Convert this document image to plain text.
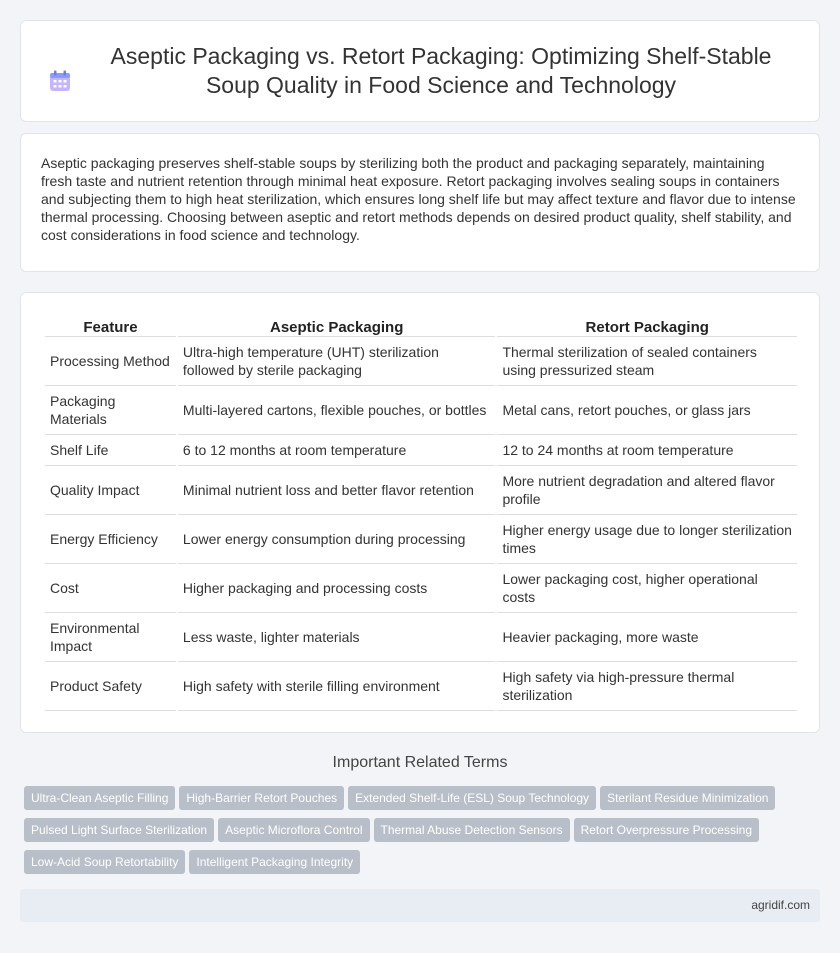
Aseptic Packaging vs. Retort Packaging: Optimizing Shelf-Stable Soup Quality in Food Science and Technology

Aseptic packaging preserves shelf-stable soups by sterilizing both the product and packaging separately, maintaining fresh taste and nutrient retention through minimal heat exposure. Retort packaging involves sealing soups in containers and subjecting them to high heat sterilization, which ensures long shelf life but may affect texture and flavor due to intense thermal processing. Choosing between aseptic and retort methods depends on desired product quality, shelf stability, and cost considerations in food science and technology.

Feature	Aseptic Packaging	Retort Packaging
Processing Method	Ultra-high temperature (UHT) sterilization followed by sterile packaging	Thermal sterilization of sealed containers using pressurized steam
Packaging Materials	Multi-layered cartons, flexible pouches, or bottles	Metal cans, retort pouches, or glass jars
Shelf Life	6 to 12 months at room temperature	12 to 24 months at room temperature
Quality Impact	Minimal nutrient loss and better flavor retention	More nutrient degradation and altered flavor profile
Energy Efficiency	Lower energy consumption during processing	Higher energy usage due to longer sterilization times
Cost	Higher packaging and processing costs	Lower packaging cost, higher operational costs
Environmental Impact	Less waste, lighter materials	Heavier packaging, more waste
Product Safety	High safety with sterile filling environment	High safety via high-pressure thermal sterilization
Important Related Terms
Ultra-Clean Aseptic Filling High-Barrier Retort Pouches Extended Shelf-Life (ESL) Soup Technology Sterilant Residue Minimization
Pulsed Light Surface Sterilization Aseptic Microflora Control Thermal Abuse Detection Sensors Retort Overpressure Processing
Low-Acid Soup Retortability Intelligent Packaging Integrity
agridif.com
